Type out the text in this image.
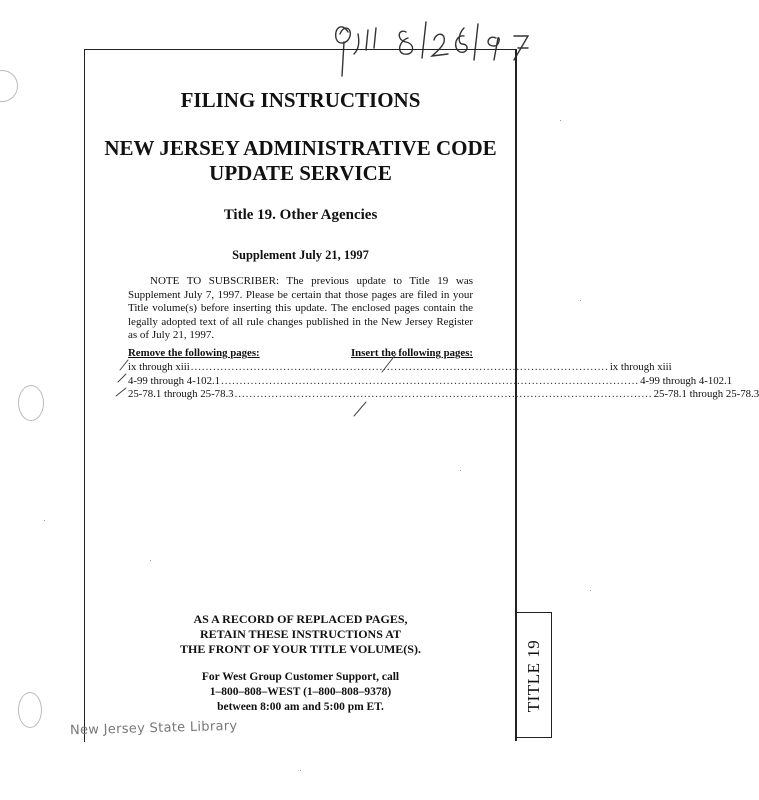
TITLE 19
FILING INSTRUCTIONS
NEW JERSEY ADMINISTRATIVE CODE
UPDATE SERVICE
Title 19. Other Agencies
Supplement July 21, 1997

NOTE TO SUBSCRIBER: The previous update to Title 19 was Supplement July 7, 1997. Please be certain that those pages are filed in your Title volume(s) before inserting this update. The enclosed pages contain the legally adopted text of all rule changes published in the New Jersey Register as of July 21, 1997.

Remove the following pages:	Insert the following pages:
ix through xiii ................................................................................................................. ix through xiii
4-99 through 4-102.1 ................................................................................................................. 4-99 through 4-102.1
25-78.1 through 25-78.3 ................................................................................................................. 25-78.1 through 25-78.3
AS A RECORD OF REPLACED PAGES,
RETAIN THESE INSTRUCTIONS AT
THE FRONT OF YOUR TITLE VOLUME(S).
For West Group Customer Support, call
1–800–808–WEST (1–800–808–9378)
between 8:00 am and 5:00 pm ET.
New Jersey State Library
